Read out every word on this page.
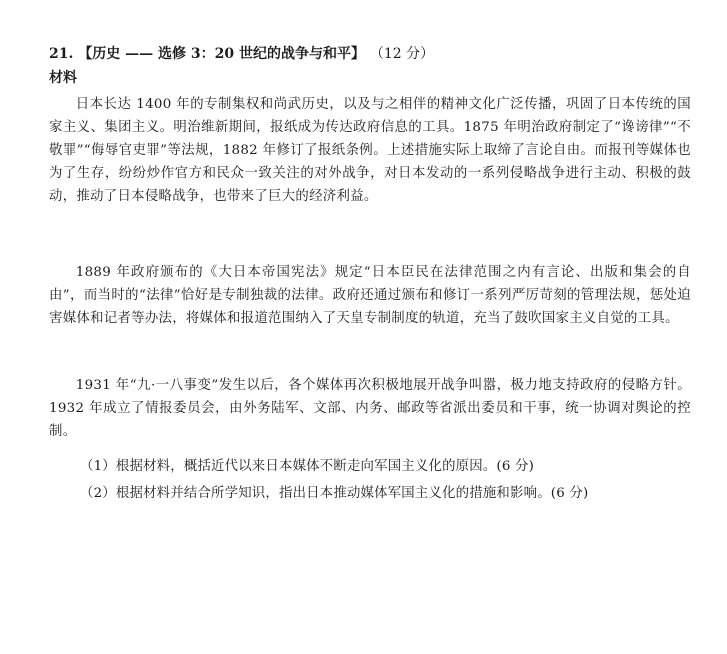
21. 【历史 —— 选修 3：20 世纪的战争与和平】 （12 分）
材料

日本长达 1400 年的专制集权和尚武历史，以及与之相伴的精神文化广泛传播，巩固了日本传统的国家主义、集团主义。明治维新期间，报纸成为传达政府信息的工具。1875 年明治政府制定了“谗谤律”“不敬罪”“侮辱官吏罪”等法规，1882 年修订了报纸条例。上述措施实际上取缔了言论自由。而报刊等媒体也为了生存，纷纷炒作官方和民众一致关注的对外战争，对日本发动的一系列侵略战争进行主动、积极的鼓动，推动了日本侵略战争，也带来了巨大的经济利益。

1889 年政府颁布的《大日本帝国宪法》规定“日本臣民在法律范围之内有言论、出版和集会的自由”，而当时的“法律”恰好是专制独裁的法律。政府还通过颁布和修订一系列严厉苛刻的管理法规，惩处迫害媒体和记者等办法，将媒体和报道范围纳入了天皇专制制度的轨道，充当了鼓吹国家主义自觉的工具。

1931 年“九·一八事变”发生以后，各个媒体再次积极地展开战争叫嚣，极力地支持政府的侵略方针。1932 年成立了情报委员会，由外务陆军、文部、内务、邮政等省派出委员和干事，统一协调对舆论的控制。

（1）根据材料，概括近代以来日本媒体不断走向军国主义化的原因。(6 分)
（2）根据材料并结合所学知识，指出日本推动媒体军国主义化的措施和影响。(6 分)
